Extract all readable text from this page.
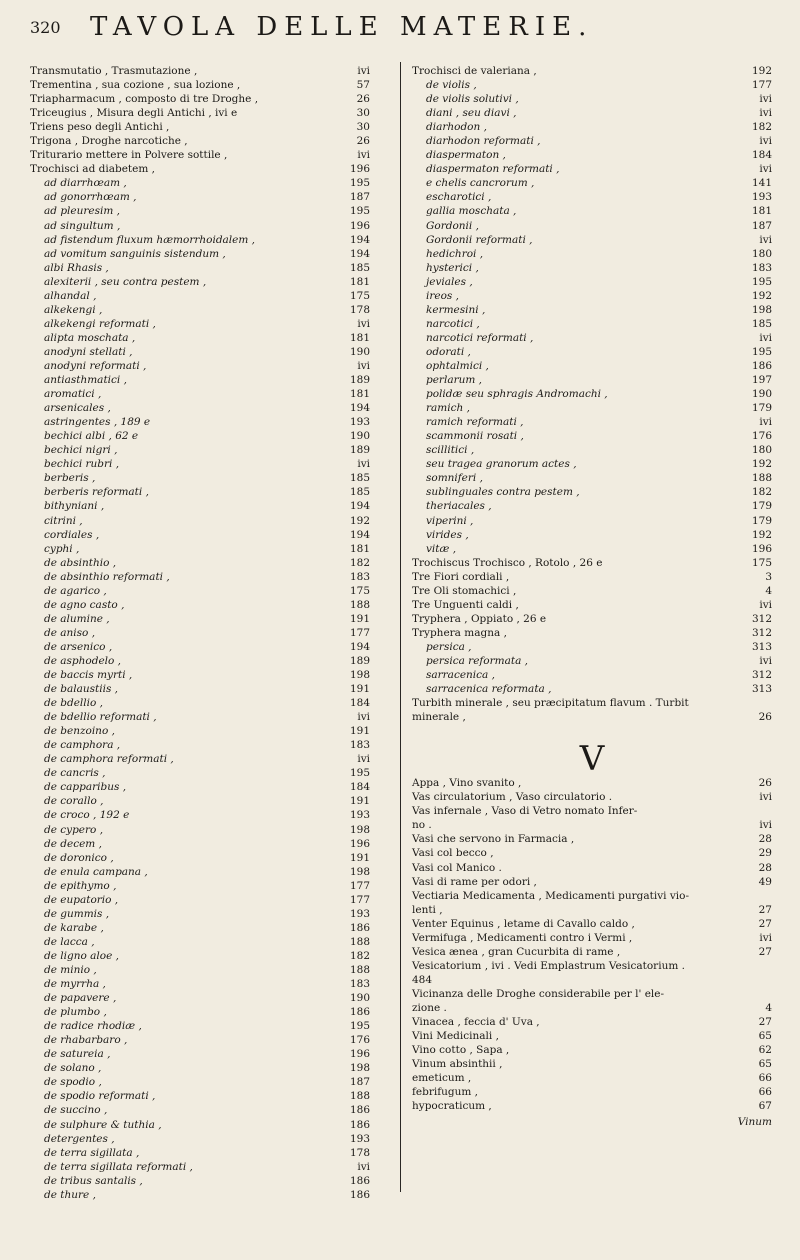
320 TAVOLA DELLE MATERIE.
Transmutatio , Trasmutazione ,	ivi
Trementina , sua cozione , sua lozione ,	57
Triapharmacum , composto di tre Droghe ,	26
Triceugius , Misura degli Antichi , ivi e	30
Triens peso degli Antichi ,	30
Trigona , Droghe narcotiche ,	26
Triturario mettere in Polvere sottile ,	ivi
Trochisci ad diabetem ,	196
ad diarrhœam ,	195
ad gonorrhœam ,	187
ad pleuresim ,	195
ad singultum ,	196
ad fistendum fluxum hæmorrhoidalem ,	194
ad vomitum sanguinis sistendum ,	194
albi Rhasis ,	185
alexiterii , seu contra pestem ,	181
alhandal ,	175
alkekengi ,	178
alkekengi reformati ,	ivi
alipta moschata ,	181
anodyni stellati ,	190
anodyni reformati ,	ivi
antiasthmatici ,	189
aromatici ,	181
arsenicales ,	194
astringentes , 189 e	193
bechici albi , 62 e	190
bechici nigri ,	189
bechici rubri ,	ivi
berberis ,	185
berberis reformati ,	185
bithyniani ,	194
citrini ,	192
cordiales ,	194
cyphi ,	181
de absinthio ,	182
de absinthio reformati ,	183
de agarico ,	175
de agno casto ,	188
de alumine ,	191
de aniso ,	177
de arsenico ,	194
de asphodelo ,	189
de baccis myrti ,	198
de balaustiis ,	191
de bdellio ,	184
de bdellio reformati ,	ivi
de benzoino ,	191
de camphora ,	183
de camphora reformati ,	ivi
de cancris ,	195
de capparibus ,	184
de corallo ,	191
de croco , 192 e	193
de cypero ,	198
de decem ,	196
de doronico ,	191
de enula campana ,	198
de epithymo ,	177
de eupatorio ,	177
de gummis ,	193
de karabe ,	186
de lacca ,	188
de ligno aloe ,	182
de minio ,	188
de myrrha ,	183
de papavere ,	190
de plumbo ,	186
de radice rhodiæ ,	195
de rhabarbaro ,	176
de satureia ,	196
de solano ,	198
de spodio ,	187
de spodio reformati ,	188
de succino ,	186
de sulphure & tuthia ,	186
detergentes ,	193
de terra sigillata ,	178
de terra sigillata reformati ,	ivi
de tribus santalis ,	186
de thure ,	186
Trochisci de valeriana ,	192
de violis ,	177
de violis solutivi ,	ivi
diani , seu diavi ,	ivi
diarhodon ,	182
diarhodon reformati ,	ivi
diaspermaton ,	184
diaspermaton reformati ,	ivi
e chelis cancrorum ,	141
escharotici ,	193
gallia moschata ,	181
Gordonii ,	187
Gordonii reformati ,	ivi
hedichroi ,	180
hysterici ,	183
jeviales ,	195
ireos ,	192
kermesini ,	198
narcotici ,	185
narcotici reformati ,	ivi
odorati ,	195
ophtalmici ,	186
perlarum ,	197
polidæ seu sphragis Andromachi ,	190
ramich ,	179
ramich reformati ,	ivi
scammonii rosati ,	176
scillitici ,	180
seu tragea granorum actes ,	192
somniferi ,	188
sublinguales contra pestem ,	182
theriacales ,	179
viperini ,	179
virides ,	192
vitæ ,	196
Trochiscus Trochisco , Rotolo , 26 e	175
Tre Fiori cordiali ,	3
Tre Oli stomachici ,	4
Tre Unguenti caldi ,	ivi
Tryphera , Oppiato , 26 e	312
Tryphera magna ,	312
persica ,	313
persica reformata ,	ivi
sarracenica ,	312
sarracenica reformata ,	313
Turbith minerale , seu præcipitatum flavum . Turbit
minerale ,	26
V
Appa , Vino svanito ,	26
Vas circulatorium , Vaso circulatorio .	ivi
Vas infernale , Vaso di Vetro nomato Infer-
no .	ivi
Vasi che servono in Farmacia ,	28
Vasi col becco ,	29
Vasi col Manico .	28
Vasi di rame per odori ,	49
Vectiaria Medicamenta , Medicamenti purgativi vio-
lenti ,	27
Venter Equinus , letame di Cavallo caldo ,	27
Vermifuga , Medicamenti contro i Vermi ,	ivi
Vesica ænea , gran Cucurbita di rame ,	27
Vesicatorium , ivi . Vedi Emplastrum Vesicatorium .
484
Vicinanza delle Droghe considerabile per l' ele-
zione .	4
Vinacea , feccia d' Uva ,	27
Vini Medicinali ,	65
Vino cotto , Sapa ,	62
Vinum absinthii ,	65
emeticum ,	66
febrifugum ,	66
hypocraticum ,	67
Vinum
